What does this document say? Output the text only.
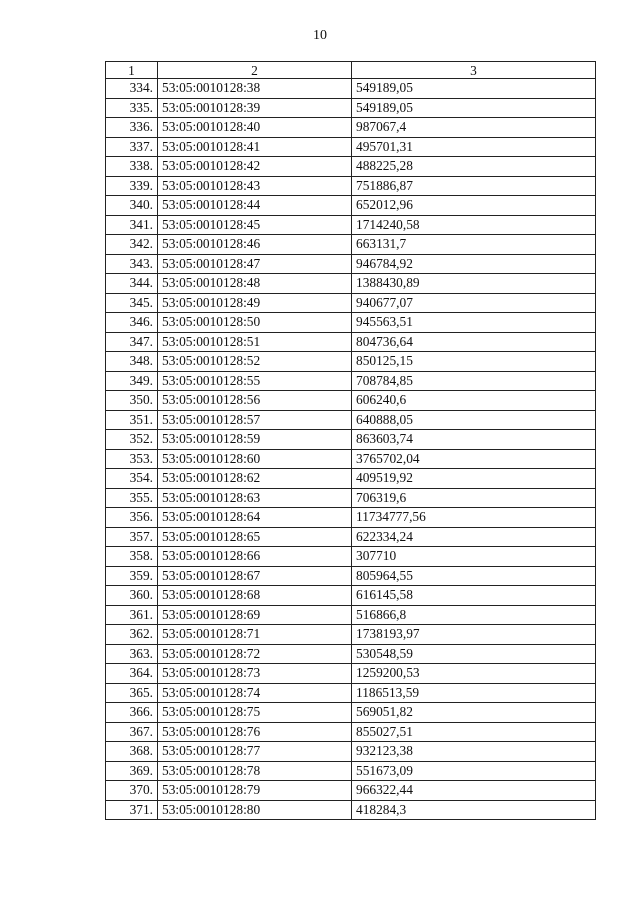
10
1	2	3
334.	53:05:0010128:38	549189,05
335.	53:05:0010128:39	549189,05
336.	53:05:0010128:40	987067,4
337.	53:05:0010128:41	495701,31
338.	53:05:0010128:42	488225,28
339.	53:05:0010128:43	751886,87
340.	53:05:0010128:44	652012,96
341.	53:05:0010128:45	1714240,58
342.	53:05:0010128:46	663131,7
343.	53:05:0010128:47	946784,92
344.	53:05:0010128:48	1388430,89
345.	53:05:0010128:49	940677,07
346.	53:05:0010128:50	945563,51
347.	53:05:0010128:51	804736,64
348.	53:05:0010128:52	850125,15
349.	53:05:0010128:55	708784,85
350.	53:05:0010128:56	606240,6
351.	53:05:0010128:57	640888,05
352.	53:05:0010128:59	863603,74
353.	53:05:0010128:60	3765702,04
354.	53:05:0010128:62	409519,92
355.	53:05:0010128:63	706319,6
356.	53:05:0010128:64	11734777,56
357.	53:05:0010128:65	622334,24
358.	53:05:0010128:66	307710
359.	53:05:0010128:67	805964,55
360.	53:05:0010128:68	616145,58
361.	53:05:0010128:69	516866,8
362.	53:05:0010128:71	1738193,97
363.	53:05:0010128:72	530548,59
364.	53:05:0010128:73	1259200,53
365.	53:05:0010128:74	1186513,59
366.	53:05:0010128:75	569051,82
367.	53:05:0010128:76	855027,51
368.	53:05:0010128:77	932123,38
369.	53:05:0010128:78	551673,09
370.	53:05:0010128:79	966322,44
371.	53:05:0010128:80	418284,3
